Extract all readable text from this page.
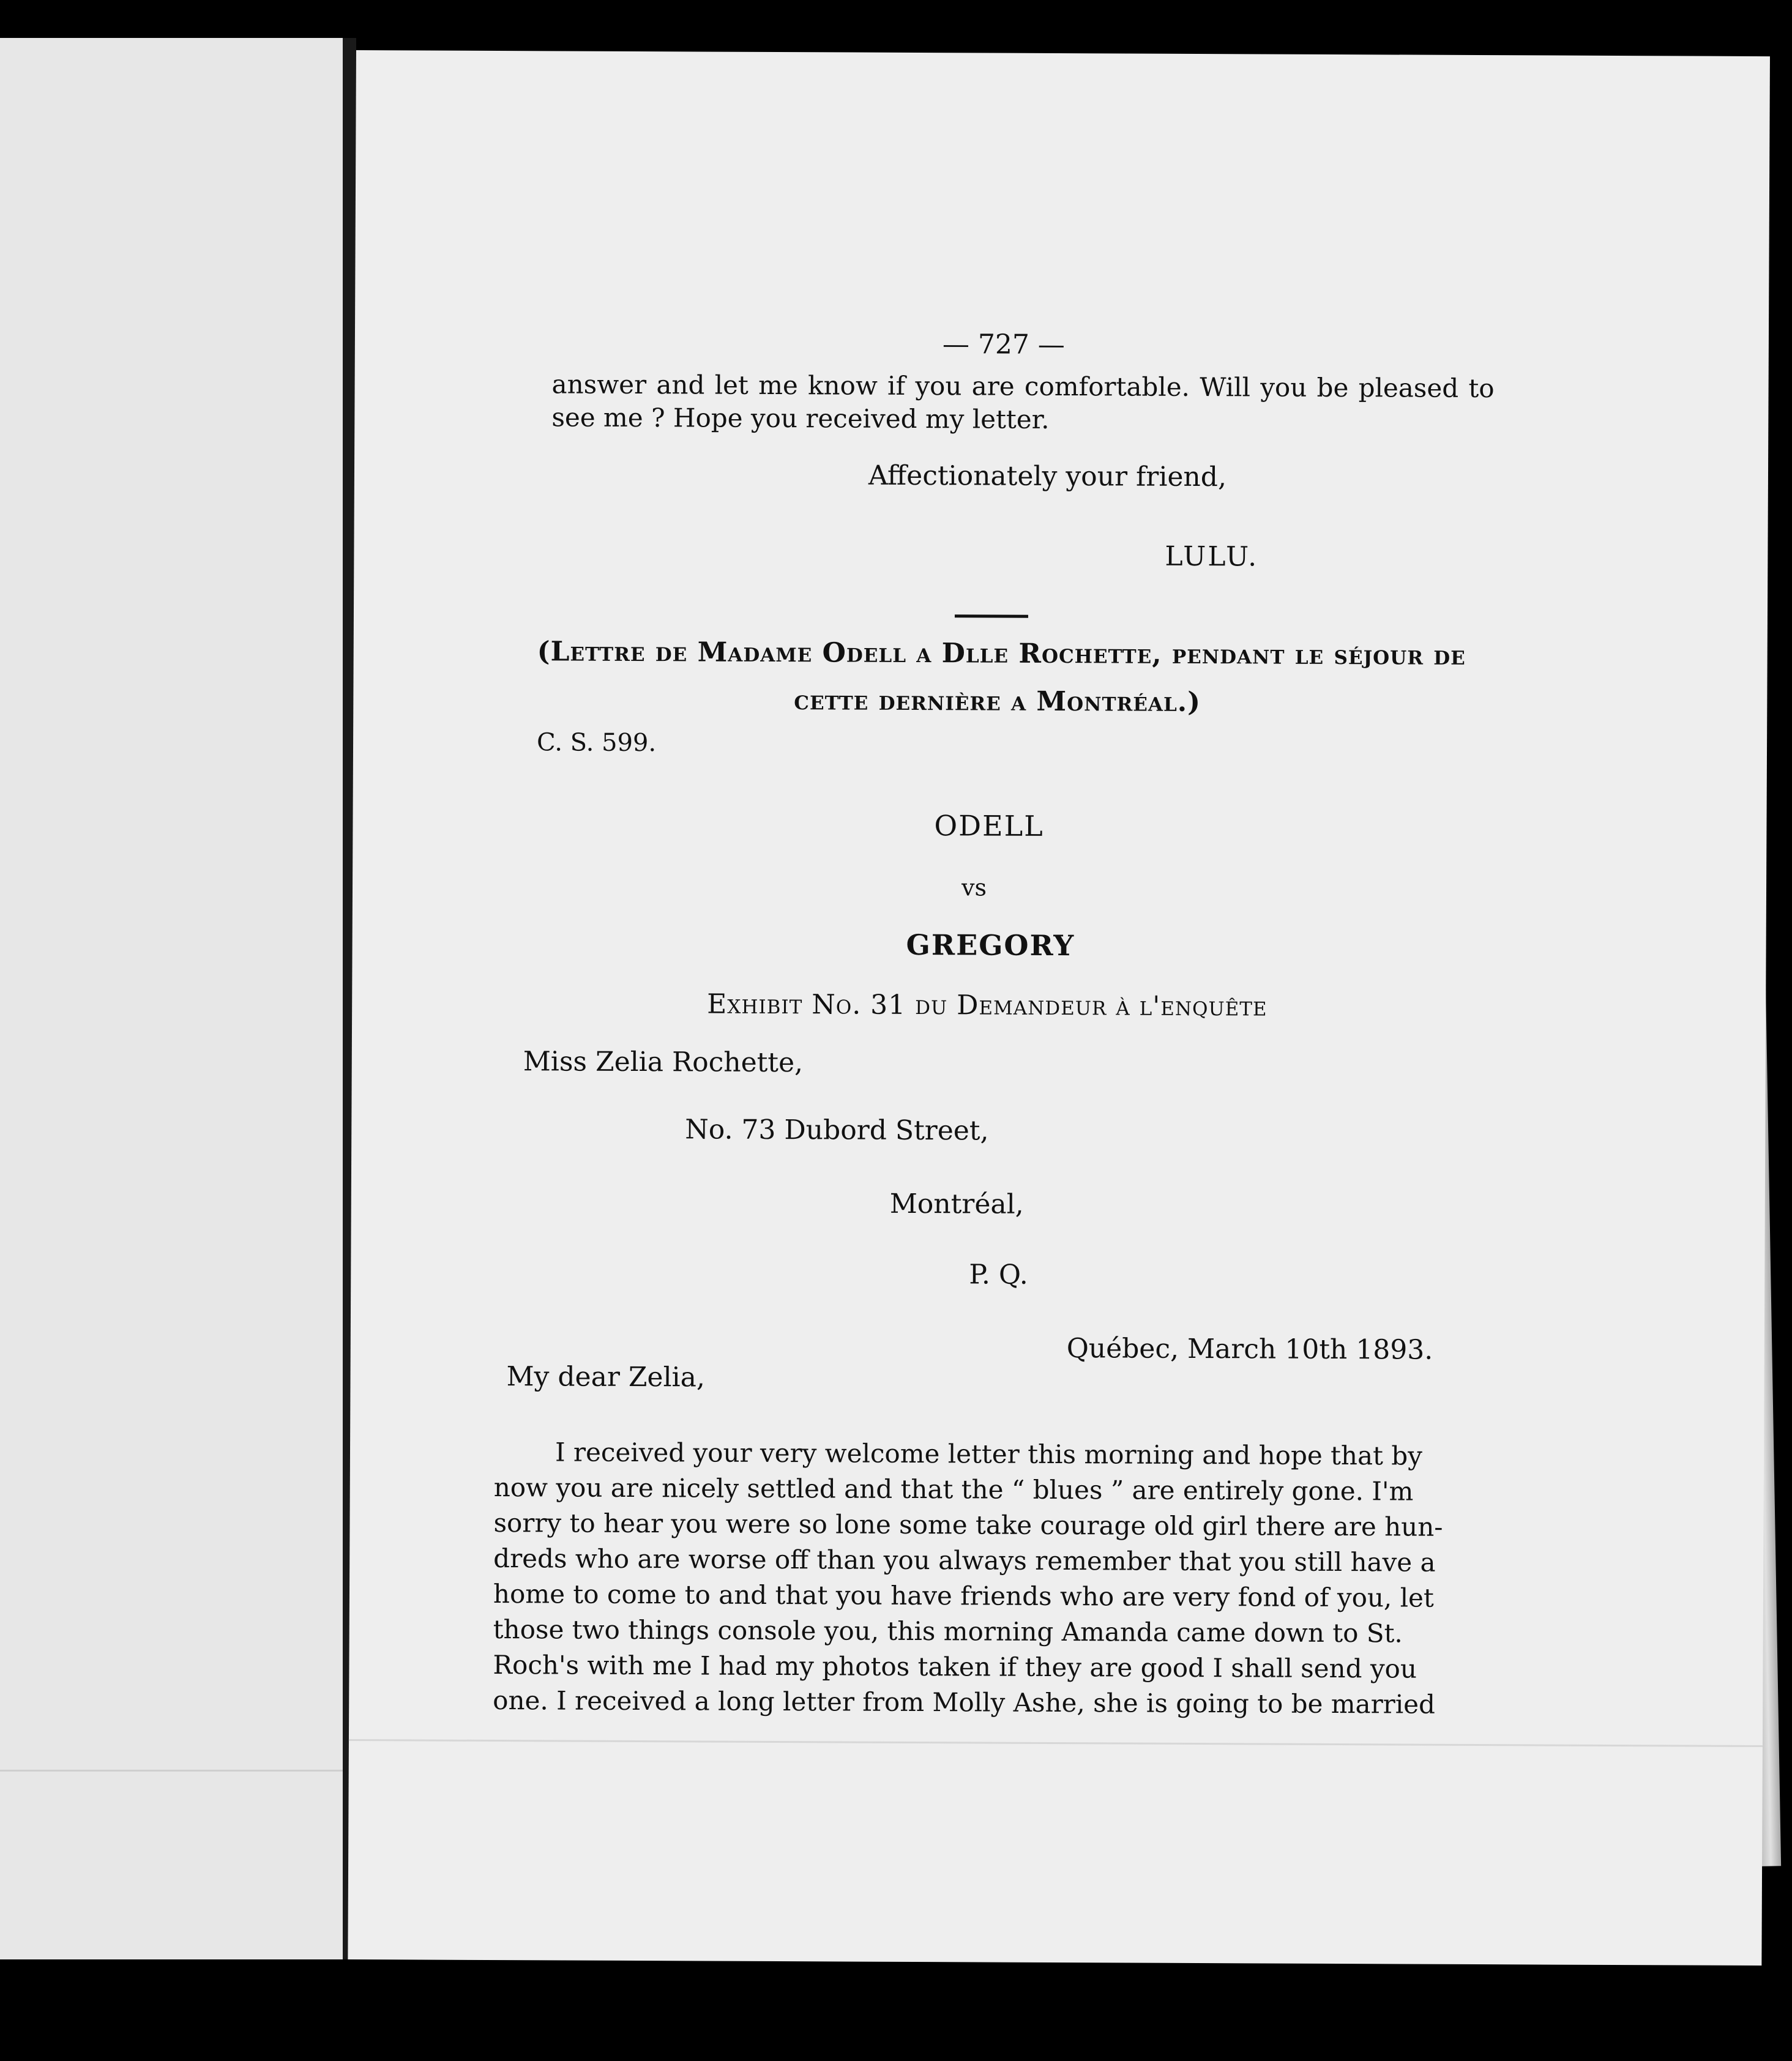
— 727 —
answer and let me know if you are comfortable. Will you be pleased to
see me ? Hope you received my letter.
Affectionately your friend,
LULU.
(Lettre de Madame Odell a Dlle Rochette, pendant le séjour de
cette dernière a Montréal.)
C. S. 599.
ODELL
vs
GREGORY
Exhibit No. 31 du Demandeur à l'enquête
Miss Zelia Rochette,
No. 73 Dubord Street,
Montréal,
P. Q.
Québec, March 10th 1893.
My dear Zelia,
I received your very welcome letter this morning and hope that by
now you are nicely settled and that the “ blues ” are entirely gone. I'm
sorry to hear you were so lone some take courage old girl there are hun-
dreds who are worse off than you always remember that you still have a
home to come to and that you have friends who are very fond of you, let
those two things console you, this morning Amanda came down to St.
Roch's with me I had my photos taken if they are good I shall send you
one. I received a long letter from Molly Ashe, she is going to be married
